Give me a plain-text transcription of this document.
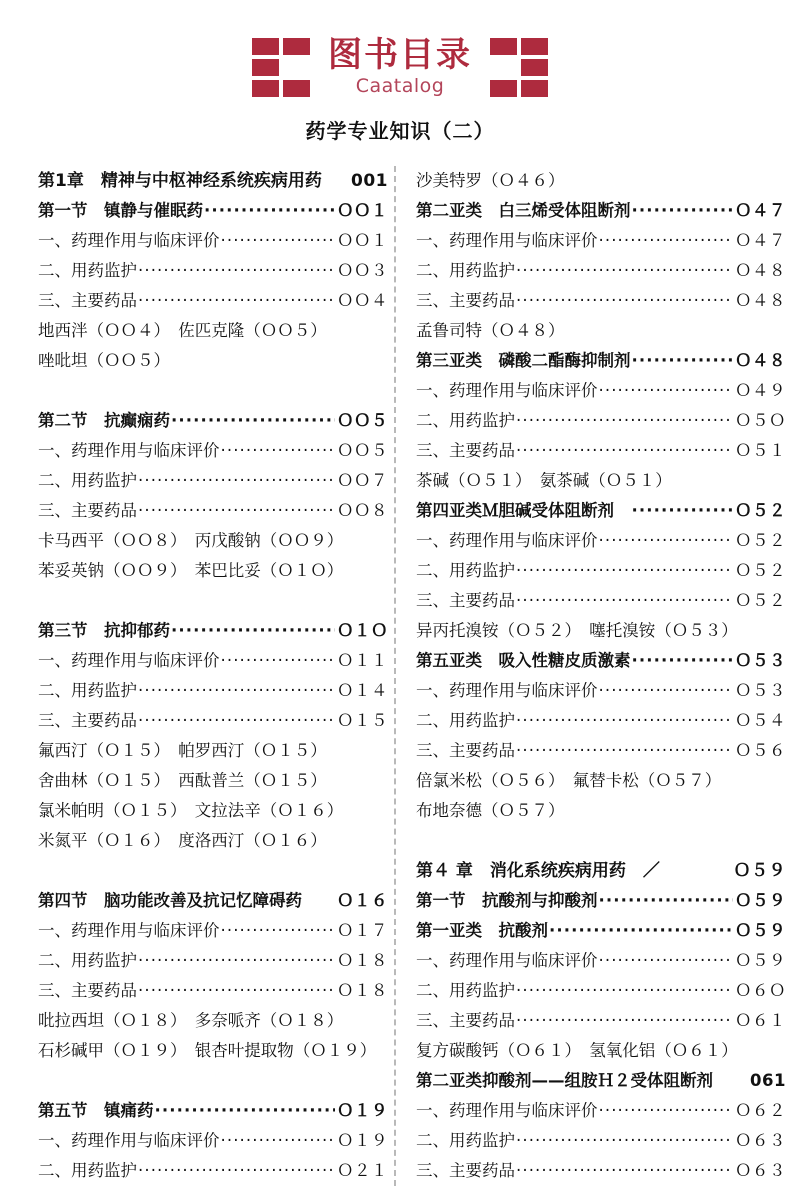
图书目录
Caatalog
药学专业知识（二）
第1章　精神与中枢神经系统疾病用药 001
第一节　镇静与催眠药 ·····	ＯＯ１
一、药理作用与临床评价 ·····	ＯＯ１
二、用药监护 ·····	ＯＯ３
三、主要药品 ·····	ＯＯ４
地西泮（ＯＯ４）　佐匹克隆（ＯＯ５）
唑吡坦（ＯＯ５）
第二节　抗癫痫药 ·····	ＯＯ５
一、药理作用与临床评价 ·····	ＯＯ５
二、用药监护 ·····	ＯＯ７
三、主要药品 ·····	ＯＯ８
卡马西平（ＯＯ８）　丙戊酸钠（ＯＯ９）
苯妥英钠（ＯＯ９）　苯巴比妥（Ｏ１Ｏ）
第三节　抗抑郁药 ·····	Ｏ１Ｏ
一、药理作用与临床评价 ·····	Ｏ１１
二、用药监护 ·····	Ｏ１４
三、主要药品 ·····	Ｏ１５
氟西汀（Ｏ１５）　帕罗西汀（Ｏ１５）
舍曲林（Ｏ１５）　西酞普兰（Ｏ１５）
氯米帕明（Ｏ１５）　文拉法辛（Ｏ１６）
米氮平（Ｏ１６）　度洛西汀（Ｏ１６）
第四节　脑功能改善及抗记忆障碍药 Ｏ１６
一、药理作用与临床评价 ·····	Ｏ１７
二、用药监护 ·····	Ｏ１８
三、主要药品 ·····	Ｏ１８
吡拉西坦（Ｏ１８）　多奈哌齐（Ｏ１８）
石杉碱甲（Ｏ１９）　银杏叶提取物（Ｏ１９）
第五节　镇痛药 ·····	Ｏ１９
一、药理作用与临床评价 ·····	Ｏ１９
二、用药监护 ·····	Ｏ２１
沙美特罗（Ｏ４６）
第二亚类　白三烯受体阻断剂 ·····	Ｏ４７
一、药理作用与临床评价 ·····	Ｏ４７
二、用药监护 ·····	Ｏ４８
三、主要药品 ·····	Ｏ４８
孟鲁司特（Ｏ４８）
第三亚类　磷酸二酯酶抑制剂 ·····	Ｏ４８
一、药理作用与临床评价 ·····	Ｏ４９
二、用药监护 ·····	Ｏ５Ｏ
三、主要药品 ·····	Ｏ５１
茶碱（Ｏ５１）　氨茶碱（Ｏ５１）
第四亚类Ｍ胆碱受体阻断剂　 ·····	Ｏ５２
一、药理作用与临床评价 ·····	Ｏ５２
二、用药监护 ·····	Ｏ５２
三、主要药品 ·····	Ｏ５２
异丙托溴铵（Ｏ５２）　噻托溴铵（Ｏ５３）
第五亚类　吸入性糖皮质激素 ·····	Ｏ５３
一、药理作用与临床评价 ·····	Ｏ５３
二、用药监护 ·····	Ｏ５４
三、主要药品 ·····	Ｏ５６
倍氯米松（Ｏ５６）　氟替卡松（Ｏ５７）
布地奈德（Ｏ５７）
第４ 章　消化系统疾病用药　／	Ｏ５９
第一节　抗酸剂与抑酸剂 ·····	Ｏ５９
第一亚类　抗酸剂 ·····	Ｏ５９
一、药理作用与临床评价 ·····	Ｏ５９
二、用药监护 ·····	Ｏ６Ｏ
三、主要药品 ·····	Ｏ６１
复方碳酸钙（Ｏ６１）　氢氧化铝（Ｏ６１）
第二亚类抑酸剂——组胺Ｈ２受体阻断剂 061
一、药理作用与临床评价 ·····	Ｏ６２
二、用药监护 ·····	Ｏ６３
三、主要药品 ·····	Ｏ６３
